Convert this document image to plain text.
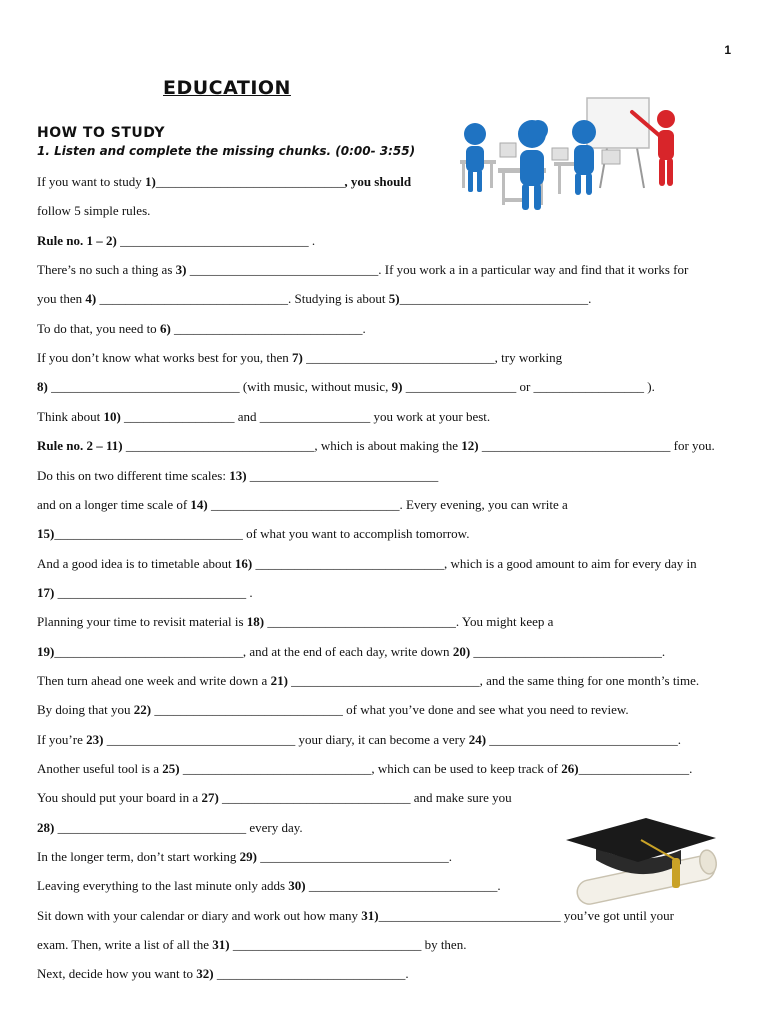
1
EDUCATION
HOW TO STUDY
1. Listen and complete the missing chunks. (0:00- 3:55)
If you want to study 1)_____________________________, you should
follow 5 simple rules.
Rule no. 1 – 2) _____________________________ .
There’s no such a thing as 3) _____________________________. If you work a in a particular way and find that it works for
you then 4) _____________________________. Studying is about 5)_____________________________.
To do that, you need to 6) _____________________________.
If you don’t know what works best for you, then 7) _____________________________, try working
8) _____________________________ (with music, without music, 9) _________________ or _________________ ).
Think about 10) _________________ and _________________ you work at your best.
Rule no. 2 – 11) _____________________________, which is about making the 12) _____________________________ for you.
Do this on two different time scales: 13) _____________________________
and on a longer time scale of 14) _____________________________. Every evening, you can write a
15)_____________________________ of what you want to accomplish tomorrow.
And a good idea is to timetable about 16) _____________________________, which is a good amount to aim for every day in
17) _____________________________ .
Planning your time to revisit material is 18) _____________________________. You might keep a
19)_____________________________, and at the end of each day, write down 20) _____________________________.
Then turn ahead one week and write down a 21) _____________________________, and the same thing for one month’s time.
By doing that you 22) _____________________________ of what you’ve done and see what you need to review.
If you’re 23) _____________________________ your diary, it can become a very 24) _____________________________.
Another useful tool is a 25) _____________________________, which can be used to keep track of 26)_________________.
You should put your board in a 27) _____________________________ and make sure you
28) _____________________________ every day.
In the longer term, don’t start working 29) _____________________________.
Leaving everything to the last minute only adds 30) _____________________________.
Sit down with your calendar or diary and work out how many 31)____________________________ you’ve got until your
exam. Then, write a list of all the 31) _____________________________ by then.
Next, decide how you want to 32) _____________________________.
